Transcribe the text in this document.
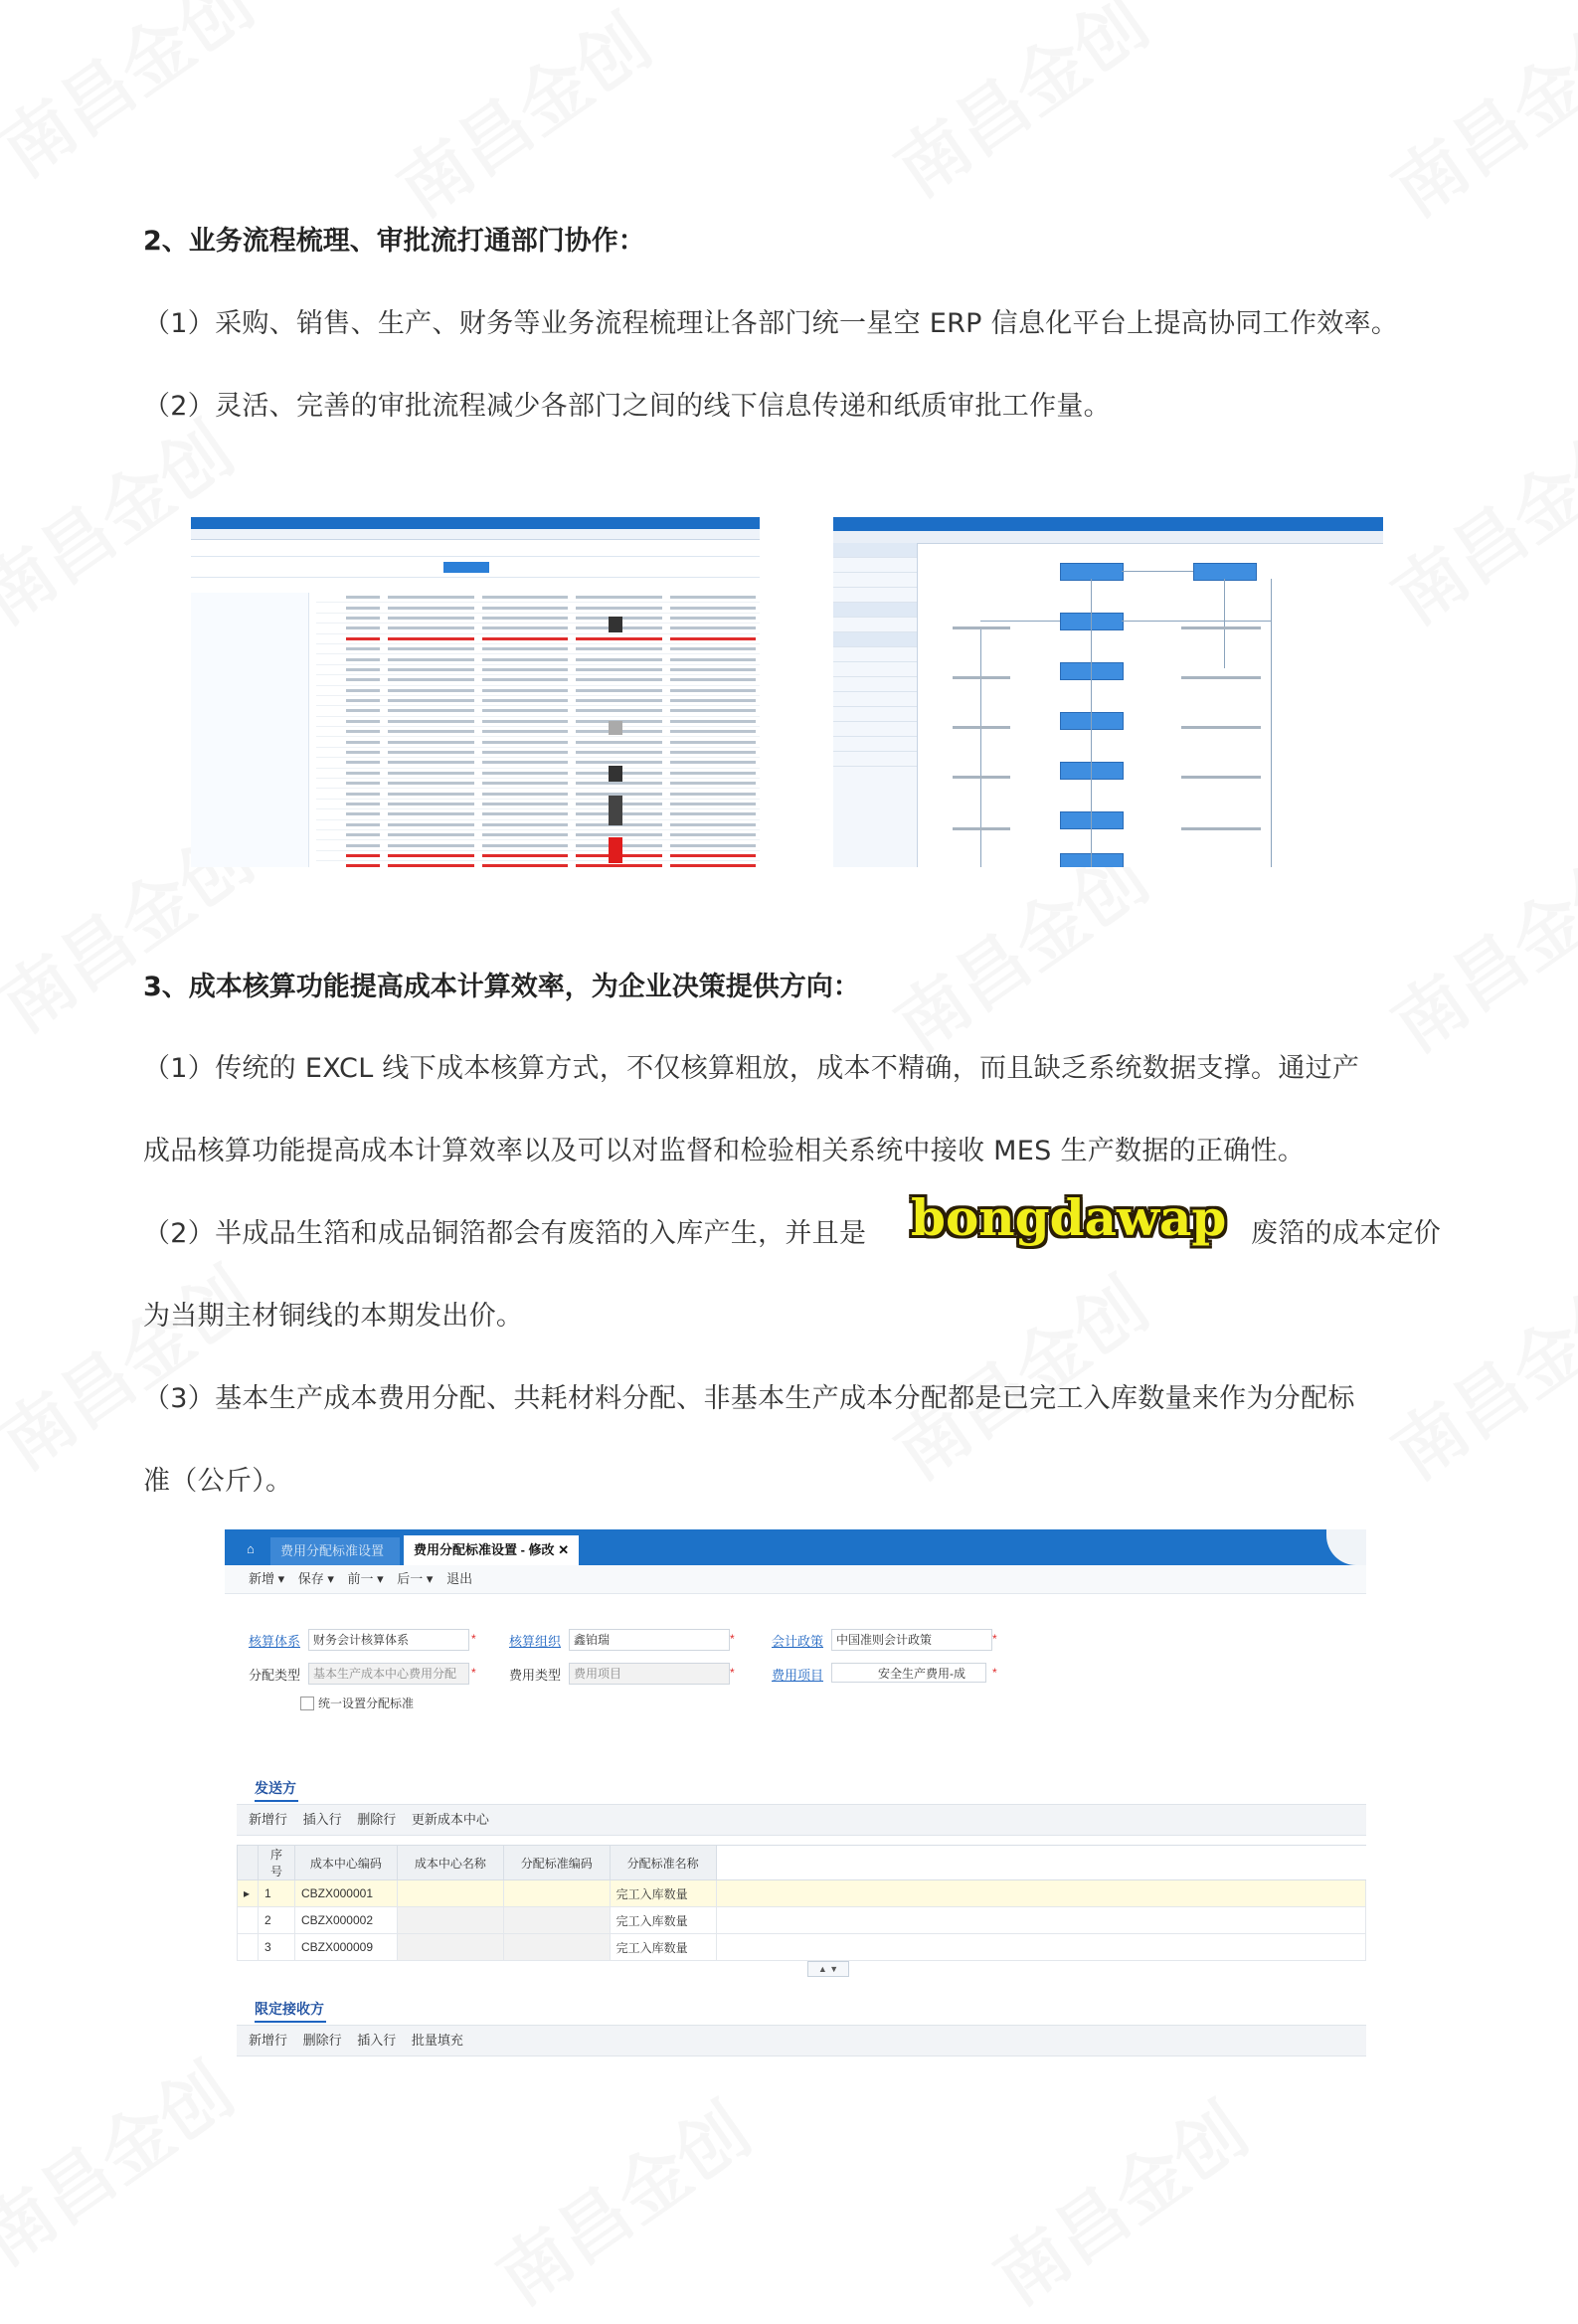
2、业务流程梳理、审批流打通部门协作：
（1）采购、销售、生产、财务等业务流程梳理让各部门统一星空 ERP 信息化平台上提高协同工作效率。
（2）灵活、完善的审批流程减少各部门之间的线下信息传递和纸质审批工作量。

3、成本核算功能提高成本计算效率，为企业决策提供方向：
（1）传统的 EXCL 线下成本核算方式，不仅核算粗放，成本不精确，而且缺乏系统数据支撑。通过产
成品核算功能提高成本计算效率以及可以对监督和检验相关系统中接收 MES 生产数据的正确性。
（2）半成品生箔和成品铜箔都会有废箔的入库产生，并且是	废箔的成本定价
bongdawap
为当期主材铜线的本期发出价。
（3）基本生产成本费用分配、共耗材料分配、非基本生产成本分配都是已完工入库数量来作为分配标
准（公斤）。
⌂	费用分配标准设置	费用分配标准设置 - 修改 ✕
新增 ▾ 保存 ▾ 前一 ▾ 后一 ▾ 退出
核算体系	财务会计核算体系	*	核算组织	鑫铂瑞	*	会计政策	中国准则会计政策	*
分配类型	基本生产成本中心费用分配	*	费用类型	费用项目	*	费用项目	安全生产费用-成	*
统一设置分配标准
发送方
新增行 插入行 删除行 更新成本中心
	序号	成本中心编码	成本中心名称	分配标准编码	分配标准名称	
▸	1	CBZX000001			完工入库数量	
	2	CBZX000002			完工入库数量	
	3	CBZX000009			完工入库数量	
▲ ▼
限定接收方
新增行 删除行 插入行 批量填充
